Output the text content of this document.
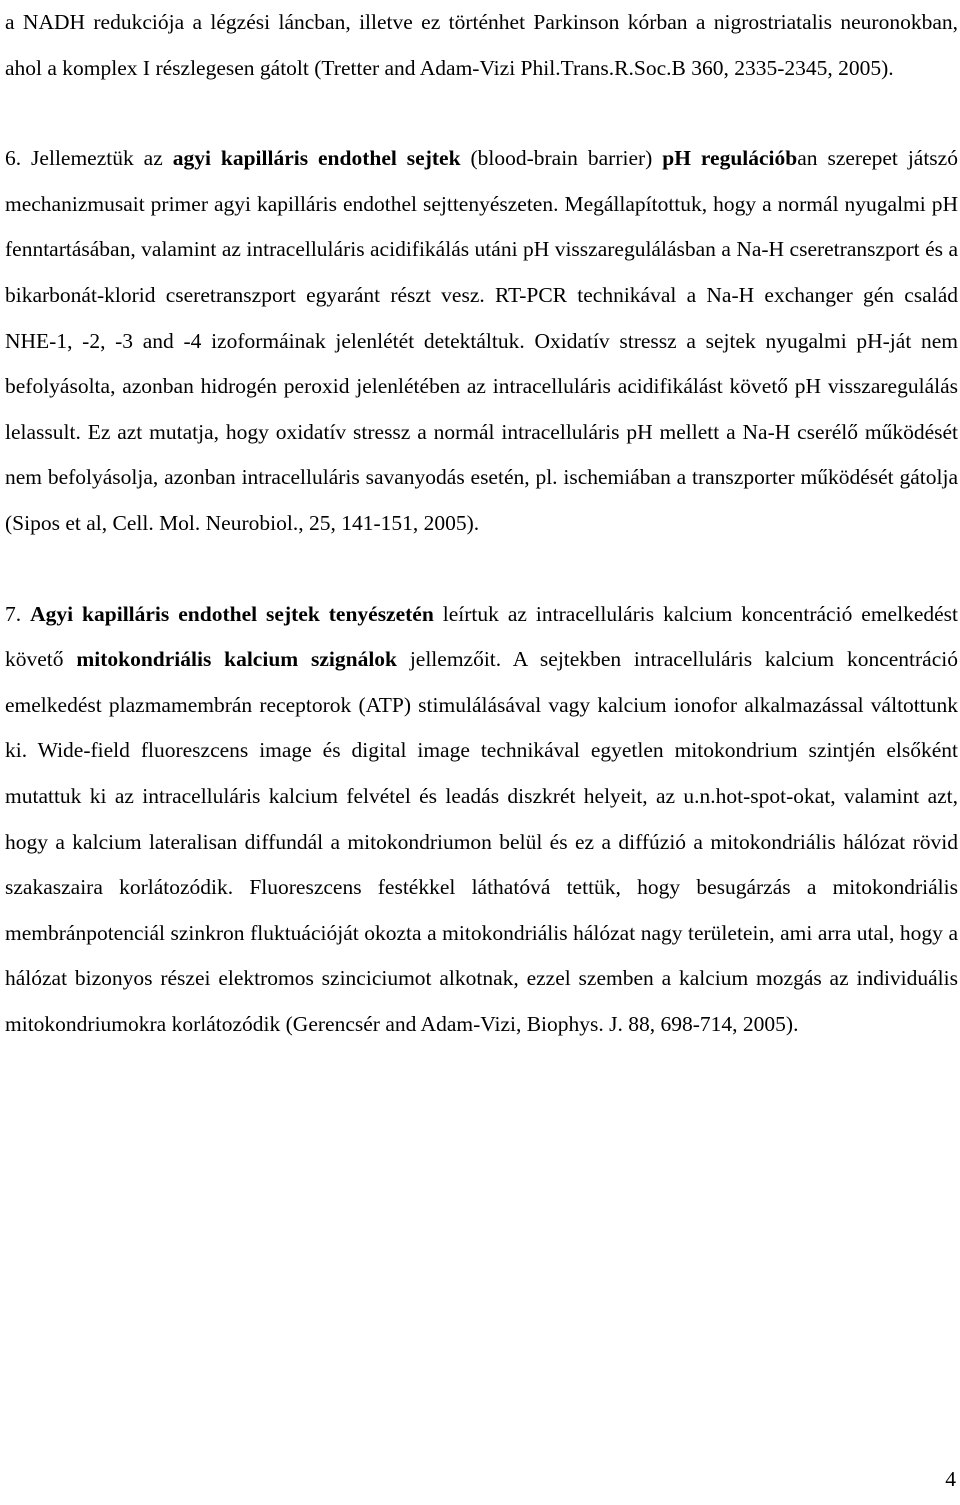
a NADH redukciója a légzési láncban, illetve ez történhet Parkinson kórban a nigrostriatalis neuronokban, ahol a komplex I részlegesen gátolt (Tretter and Adam-Vizi Phil.Trans.R.Soc.B 360, 2335-2345, 2005).

6. Jellemeztük az agyi kapilláris endothel sejtek (blood-brain barrier) pH regulációban szerepet játszó mechanizmusait primer agyi kapilláris endothel sejttenyészeten. Megállapítottuk, hogy a normál nyugalmi pH fenntartásában, valamint az intracelluláris acidifikálás utáni pH visszaregulálásban a Na-H cseretranszport és a bikarbonát-klorid cseretranszport egyaránt részt vesz. RT-PCR technikával a Na-H exchanger gén család NHE-1, -2, -3 and -4 izoformáinak jelenlétét detektáltuk. Oxidatív stressz a sejtek nyugalmi pH-ját nem befolyásolta, azonban hidrogén peroxid jelenlétében az intracelluláris acidifikálást követő pH visszaregulálás lelassult. Ez azt mutatja, hogy oxidatív stressz a normál intracelluláris pH mellett a Na-H cserélő működését nem befolyásolja, azonban intracelluláris savanyodás esetén, pl. ischemiában a transzporter működését gátolja (Sipos et al, Cell. Mol. Neurobiol., 25, 141-151, 2005).

7. Agyi kapilláris endothel sejtek tenyészetén leírtuk az intracelluláris kalcium koncentráció emelkedést követő mitokondriális kalcium szignálok jellemzőit. A sejtekben intracelluláris kalcium koncentráció emelkedést plazmamembrán receptorok (ATP) stimulálásával vagy kalcium ionofor alkalmazással váltottunk ki. Wide-field fluoreszcens image és digital image technikával egyetlen mitokondrium szintjén elsőként mutattuk ki az intracelluláris kalcium felvétel és leadás diszkrét helyeit, az u.n.hot-spot-okat, valamint azt, hogy a kalcium lateralisan diffundál a mitokondriumon belül és ez a diffúzió a mitokondriális hálózat rövid szakaszaira korlátozódik. Fluoreszcens festékkel láthatóvá tettük, hogy besugárzás a mitokondriális membránpotenciál szinkron fluktuációját okozta a mitokondriális hálózat nagy területein, ami arra utal, hogy a hálózat bizonyos részei elektromos szinciciumot alkotnak, ezzel szemben a kalcium mozgás az individuális mitokondriumokra korlátozódik (Gerencsér and Adam-Vizi, Biophys. J. 88, 698-714, 2005).

4
